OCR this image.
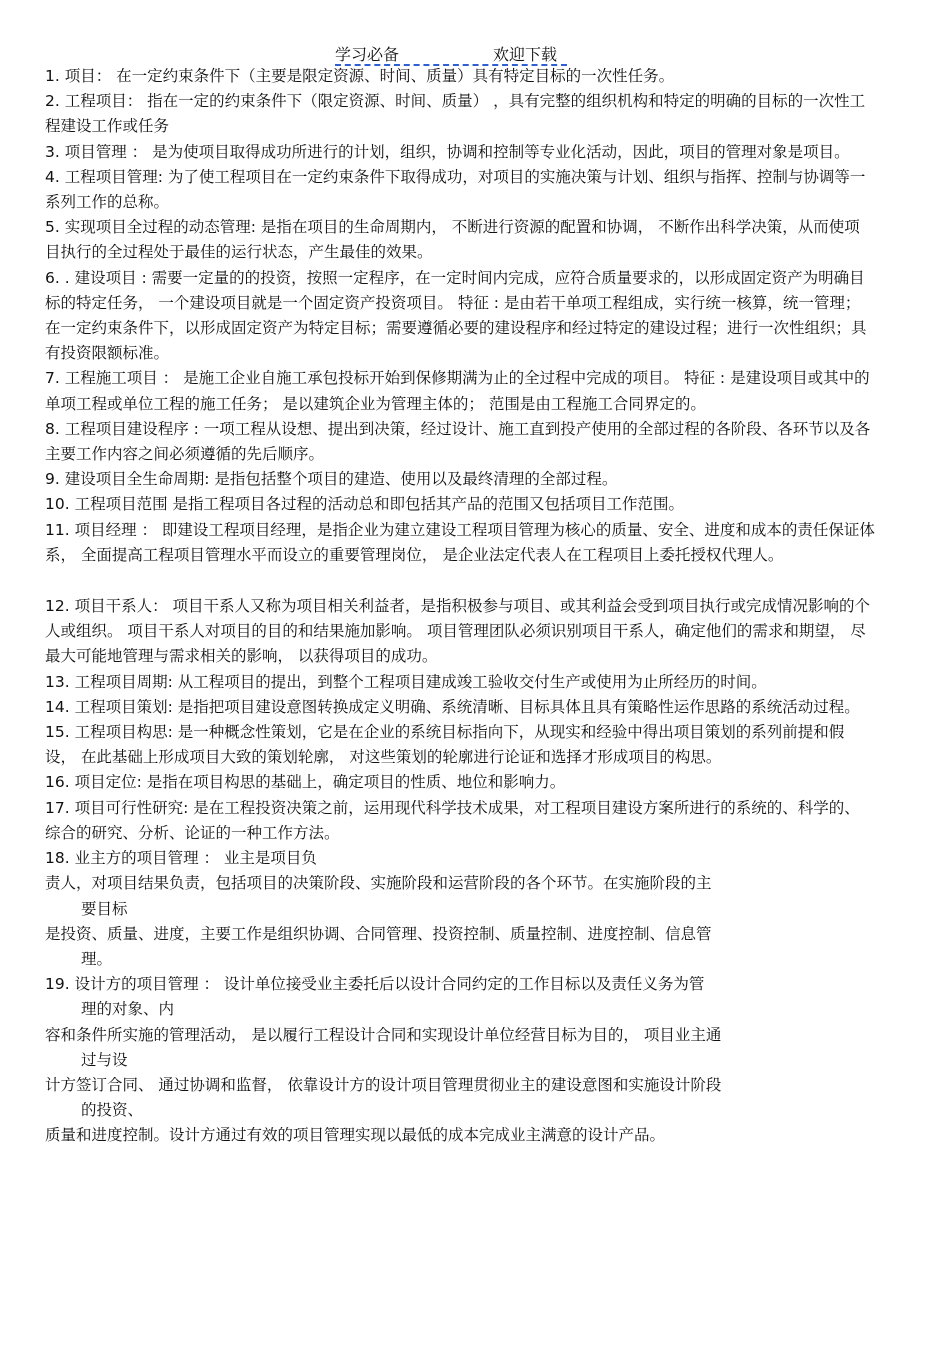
学习必备	欢迎下载

1. 项目： 在一定约束条件下（主要是限定资源、时间、质量）具有特定目标的一次性任务。

2. 工程项目： 指在一定的约束条件下（限定资源、时间、质量） ，具有完整的组织机构和特定的明确的目标的一次性工程建设工作或任务

3. 项目管理 ： 是为使项目取得成功所进行的计划，组织，协调和控制等专业化活动，因此，项目的管理对象是项目。

4. 工程项目管理: 为了使工程项目在一定约束条件下取得成功，对项目的实施决策与计划、组织与指挥、控制与协调等一系列工作的总称。

5. 实现项目全过程的动态管理: 是指在项目的生命周期内， 不断进行资源的配置和协调， 不断作出科学决策，从而使项目执行的全过程处于最佳的运行状态，产生最佳的效果。

6. . 建设项目 : 需要一定量的的投资，按照一定程序，在一定时间内完成，应符合质量要求的，以形成固定资产为明确目标的特定任务， 一个建设项目就是一个固定资产投资项目。 特征 : 是由若干单项工程组成，实行统一核算，统一管理；在一定约束条件下，以形成固定资产为特定目标；需要遵循必要的建设程序和经过特定的建设过程；进行一次性组织；具有投资限额标准。

7. 工程施工项目 ： 是施工企业自施工承包投标开始到保修期满为止的全过程中完成的项目。 特征 : 是建设项目或其中的单项工程或单位工程的施工任务； 是以建筑企业为管理主体的； 范围是由工程施工合同界定的。

8. 工程项目建设程序 : 一项工程从设想、提出到决策，经过设计、施工直到投产使用的全部过程的各阶段、各环节以及各主要工作内容之间必须遵循的先后顺序。

9. 建设项目全生命周期: 是指包括整个项目的建造、使用以及最终清理的全部过程。

10. 工程项目范围 是指工程项目各过程的活动总和即包括其产品的范围又包括项目工作范围。

11. 项目经理 ： 即建设工程项目经理，是指企业为建立建设工程项目管理为核心的质量、安全、进度和成本的责任保证体系， 全面提高工程项目管理水平而设立的重要管理岗位， 是企业法定代表人在工程项目上委托授权代理人。

12. 项目干系人： 项目干系人又称为项目相关利益者，是指积极参与项目、或其利益会受到项目执行或完成情况影响的个人或组织。 项目干系人对项目的目的和结果施加影响。 项目管理团队必须识别项目干系人，确定他们的需求和期望， 尽最大可能地管理与需求相关的影响， 以获得项目的成功。

13. 工程项目周期: 从工程项目的提出，到整个工程项目建成竣工验收交付生产或使用为止所经历的时间。

14. 工程项目策划: 是指把项目建设意图转换成定义明确、系统清晰、目标具体且具有策略性运作思路的系统活动过程。

15. 工程项目构思: 是一种概念性策划，它是在企业的系统目标指向下，从现实和经验中得出项目策划的系列前提和假设， 在此基础上形成项目大致的策划轮廓， 对这些策划的轮廓进行论证和选择才形成项目的构思。

16. 项目定位: 是指在项目构思的基础上，确定项目的性质、地位和影响力。

17. 项目可行性研究: 是在工程投资决策之前，运用现代科学技术成果，对工程项目建设方案所进行的系统的、科学的、综合的研究、分析、论证的一种工作方法。

18. 业主方的项目管理 ： 业主是项目负

责人，对项目结果负责，包括项目的决策阶段、实施阶段和运营阶段的各个环节。在实施阶段的主

要目标

是投资、质量、进度，主要工作是组织协调、合同管理、投资控制、质量控制、进度控制、信息管

理。

19. 设计方的项目管理 ： 设计单位接受业主委托后以设计合同约定的工作目标以及责任义务为管

理的对象、内

容和条件所实施的管理活动， 是以履行工程设计合同和实现设计单位经营目标为目的， 项目业主通

过与设

计方签订合同、 通过协调和监督， 依靠设计方的设计项目管理贯彻业主的建设意图和实施设计阶段

的投资、

质量和进度控制。设计方通过有效的项目管理实现以最低的成本完成业主满意的设计产品。
